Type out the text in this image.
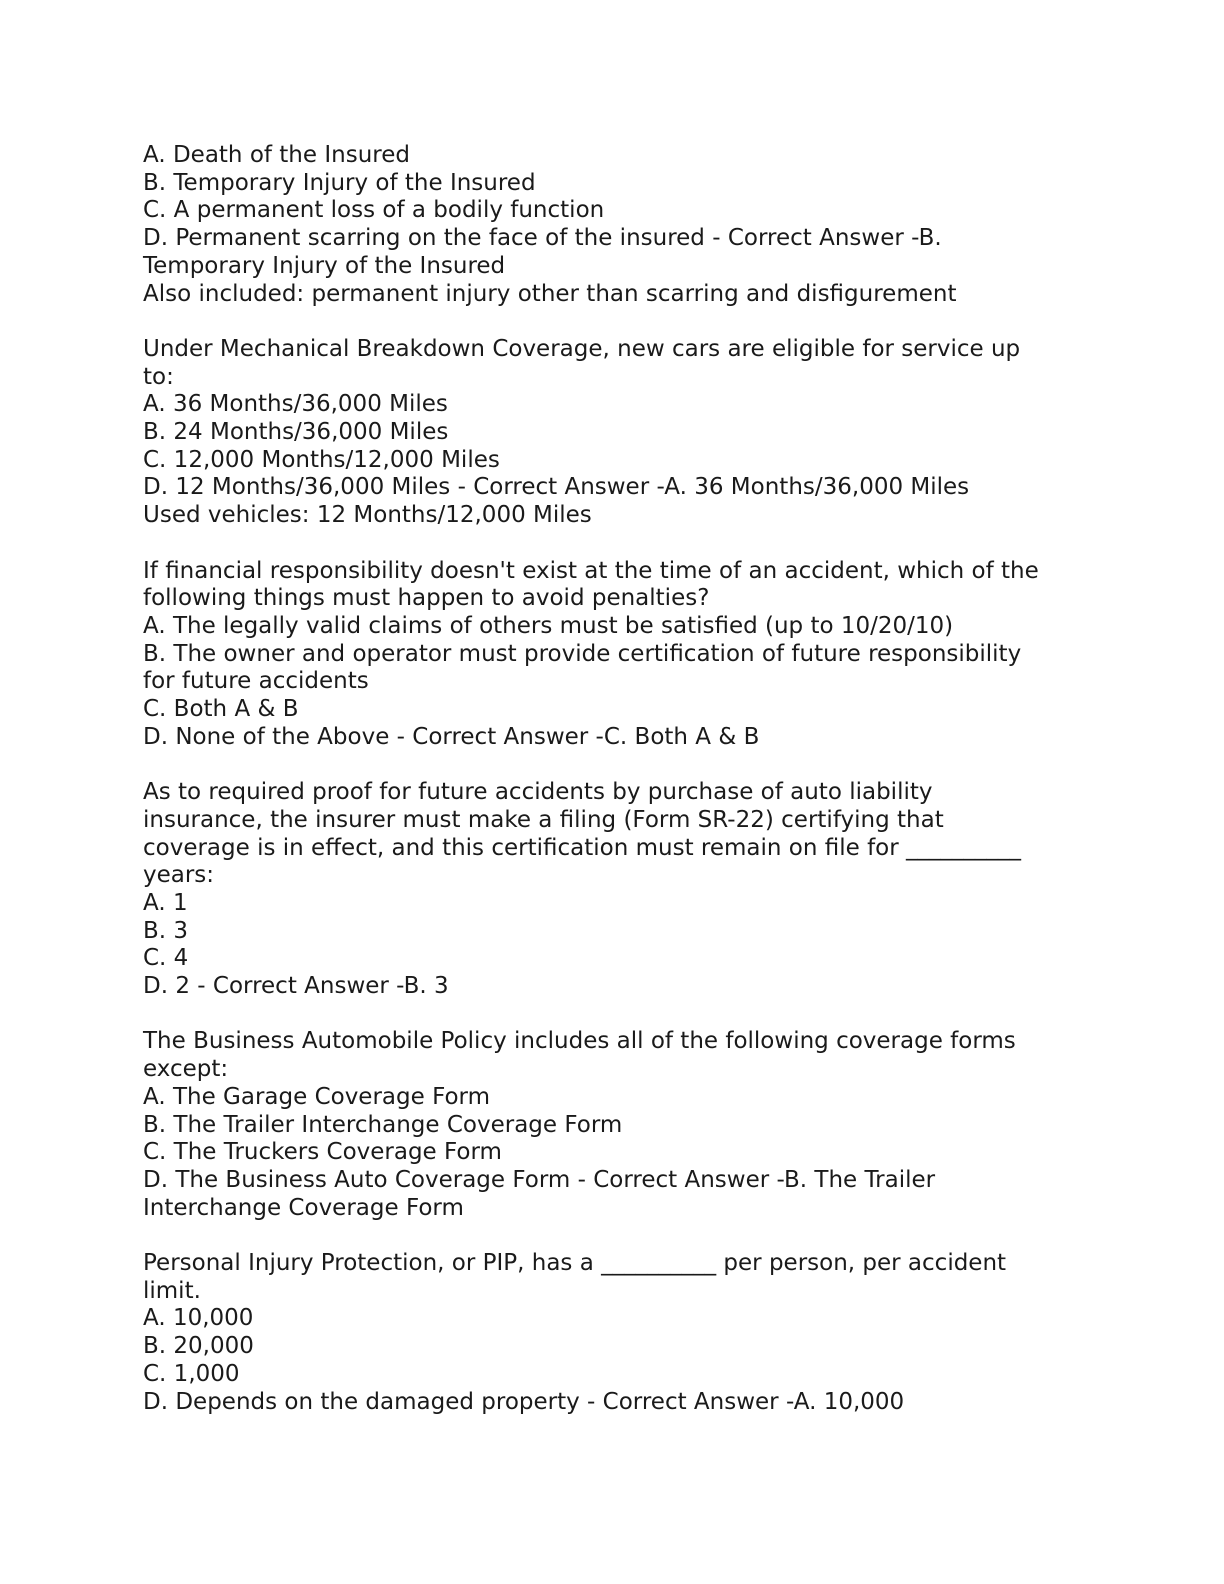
A. Death of the Insured
B. Temporary Injury of the Insured
C. A permanent loss of a bodily function
D. Permanent scarring on the face of the insured - Correct Answer -B.
Temporary Injury of the Insured
Also included: permanent injury other than scarring and disfigurement
Under Mechanical Breakdown Coverage, new cars are eligible for service up
to:
A. 36 Months/36,000 Miles
B. 24 Months/36,000 Miles
C. 12,000 Months/12,000 Miles
D. 12 Months/36,000 Miles - Correct Answer -A. 36 Months/36,000 Miles
Used vehicles: 12 Months/12,000 Miles
If financial responsibility doesn't exist at the time of an accident, which of the
following things must happen to avoid penalties?
A. The legally valid claims of others must be satisfied (up to 10/20/10)
B. The owner and operator must provide certification of future responsibility
for future accidents
C. Both A & B
D. None of the Above - Correct Answer -C. Both A & B
As to required proof for future accidents by purchase of auto liability
insurance, the insurer must make a filing (Form SR-22) certifying that
coverage is in effect, and this certification must remain on file for __________
years:
A. 1
B. 3
C. 4
D. 2 - Correct Answer -B. 3
The Business Automobile Policy includes all of the following coverage forms
except:
A. The Garage Coverage Form
B. The Trailer Interchange Coverage Form
C. The Truckers Coverage Form
D. The Business Auto Coverage Form - Correct Answer -B. The Trailer
Interchange Coverage Form
Personal Injury Protection, or PIP, has a __________ per person, per accident
limit.
A. 10,000
B. 20,000
C. 1,000
D. Depends on the damaged property - Correct Answer -A. 10,000
